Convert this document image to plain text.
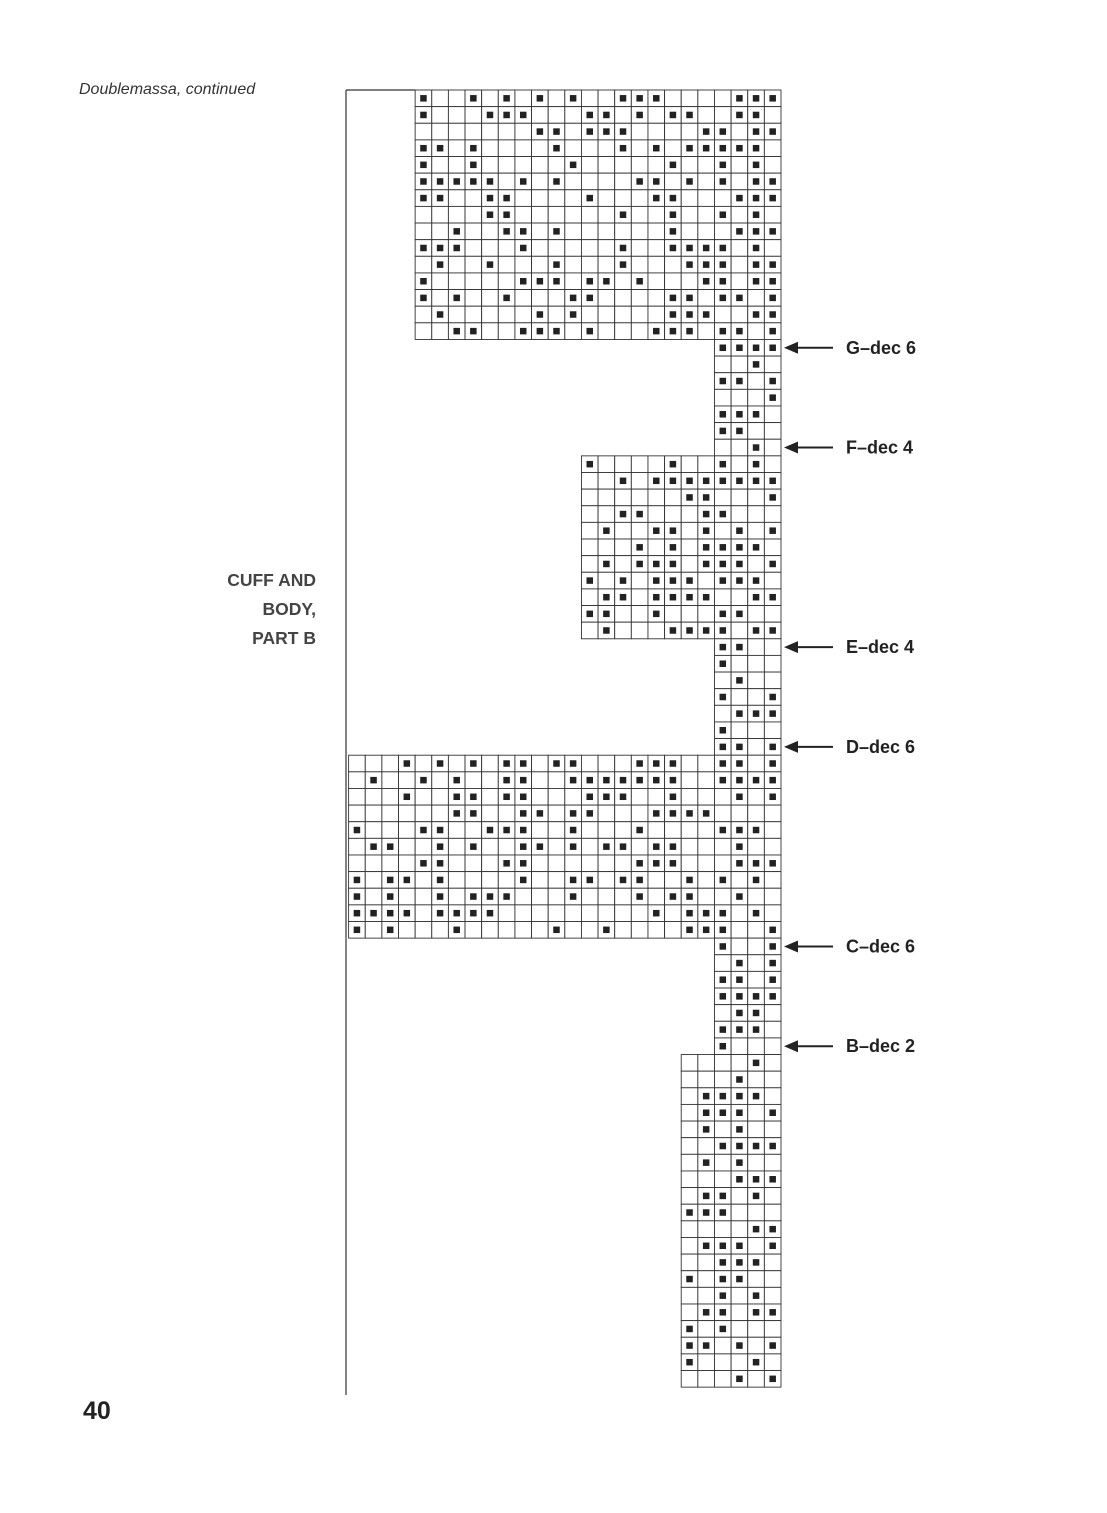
Doublemassa, continued
CUFF AND
BODY,
PART B
G–dec 6
F–dec 4
E–dec 4
D–dec 6
C–dec 6
B–dec 2
40
